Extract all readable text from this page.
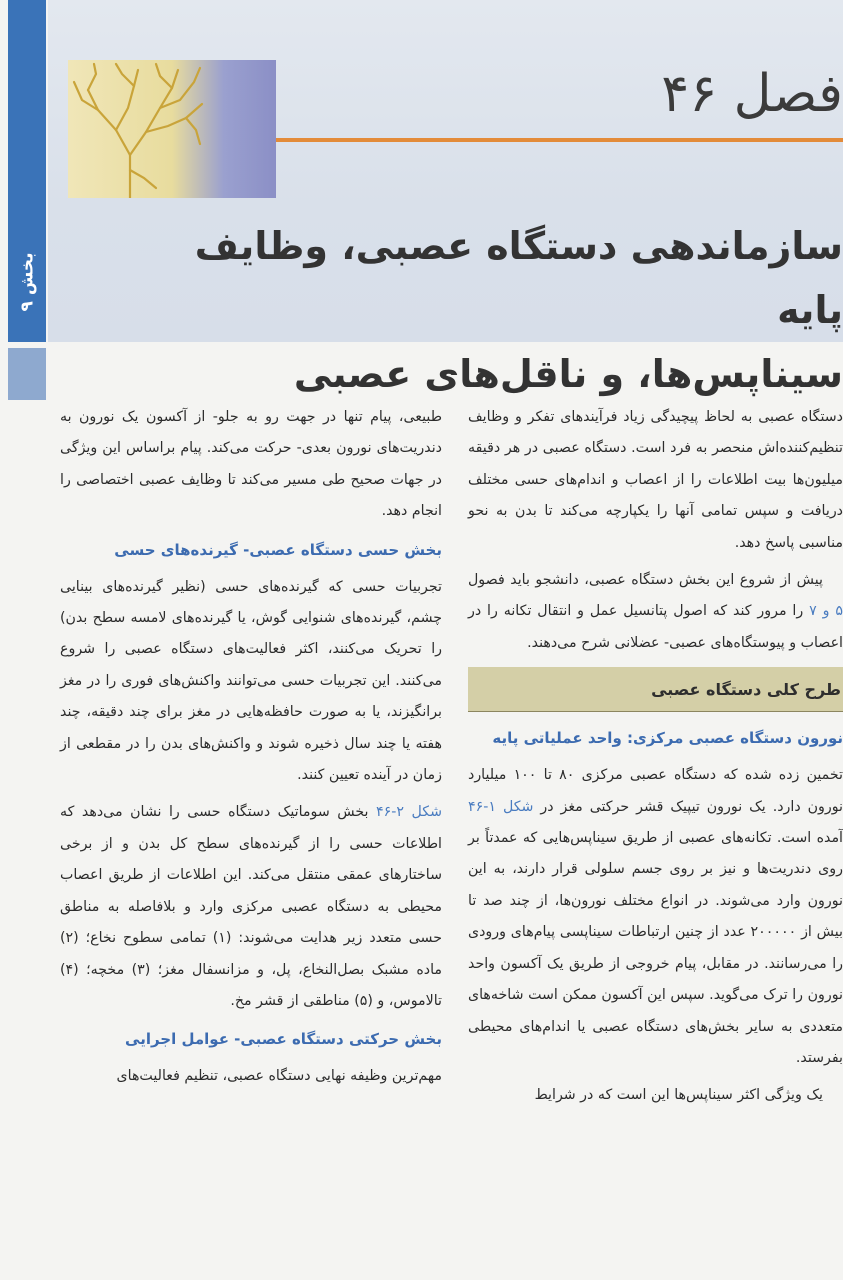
بخش ۹
فصل ۴۶
سازماندهی دستگاه عصبی، وظایف پایه
سیناپس‌ها، و ناقل‌های عصبی

دستگاه عصبی به لحاظ پیچیدگی زیاد فرآیندهای تفکر و وظایف تنظیم‌کننده‌اش منحصر به فرد است. دستگاه عصبی در هر دقیقه میلیون‌ها بیت اطلاعات را از اعصاب و اندام‌های حسی مختلف دریافت و سپس تمامی آنها را یکپارچه می‌کند تا بدن به نحو مناسبی پاسخ دهد.

پیش از شروع این بخش دستگاه عصبی، دانشجو باید فصول ۵ و ۷ را مرور کند که اصول پتانسیل عمل و انتقال تکانه را در اعصاب و پیوستگاه‌های عصبی- عضلانی شرح می‌دهند.

طرح کلی دستگاه عصبی
نورون دستگاه عصبی مرکزی: واحد عملیاتی پایه

تخمین زده شده که دستگاه عصبی مرکزی ۸۰ تا ۱۰۰ میلیارد نورون دارد. یک نورون تیپیک قشر حرکتی مغز در شکل ۱-۴۶ آمده است. تکانه‌های عصبی از طریق سیناپس‌هایی که عمدتاً بر روی دندریت‌ها و نیز بر روی جسم سلولی قرار دارند، به این نورون وارد می‌شوند. در انواع مختلف نورون‌ها، از چند صد تا بیش از ۲۰۰۰۰۰ عدد از چنین ارتباطات سیناپسی پیام‌های ورودی را می‌رسانند. در مقابل، پیام خروجی از طریق یک آکسون واحد نورون را ترک می‌گوید. سپس این آکسون ممکن است شاخه‌های متعددی به سایر بخش‌های دستگاه عصبی یا اندام‌های محیطی بفرستد.

یک ویژگی اکثر سیناپس‌ها این است که در شرایط

طبیعی، پیام تنها در جهت رو به جلو- از آکسون یک نورون به دندریت‌های نورون بعدی- حرکت می‌کند. پیام براساس این ویژگی در جهات صحیح طی مسیر می‌کند تا وظایف عصبی اختصاصی را انجام دهد.

بخش حسی دستگاه عصبی- گیرنده‌های حسی

تجربیات حسی که گیرنده‌های حسی (نظیر گیرنده‌های بینایی چشم، گیرنده‌های شنوایی گوش، یا گیرنده‌های لامسه سطح بدن) را تحریک می‌کنند، اکثر فعالیت‌های دستگاه عصبی را شروع می‌کنند. این تجربیات حسی می‌توانند واکنش‌های فوری را در مغز برانگیزند، یا به صورت حافظه‌هایی در مغز برای چند دقیقه، چند هفته یا چند سال ذخیره شوند و واکنش‌های بدن را در مقطعی از زمان در آینده تعیین کنند.

شکل ۲-۴۶ بخش سوماتیک دستگاه حسی را نشان می‌دهد که اطلاعات حسی را از گیرنده‌های سطح کل بدن و از برخی ساختارهای عمقی منتقل می‌کند. این اطلاعات از طریق اعصاب محیطی به دستگاه عصبی مرکزی وارد و بلافاصله به مناطق حسی متعدد زیر هدایت می‌شوند: (۱) تمامی سطوح نخاع؛ (۲) ماده مشبک بصل‌النخاع، پل، و مزانسفال مغز؛ (۳) مخچه؛ (۴) تالاموس، و (۵) مناطقی از قشر مخ.

بخش حرکتی دستگاه عصبی- عوامل اجرایی

مهم‌ترین وظیفه نهایی دستگاه عصبی، تنظیم فعالیت‌های
